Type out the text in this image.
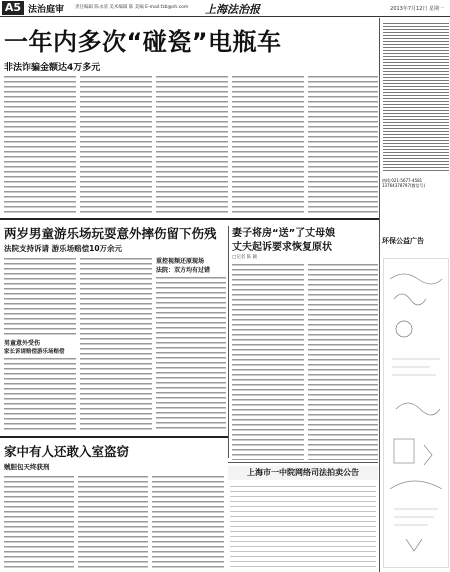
A5 法治庭审 责任编辑 陈永清 美术编辑 陈 美编 E-mail:fzb@sh.com 上海法治报	2013年7月12日 星期一
一年内多次“碰瓷”电瓶车
非法诈骗金额达4万多元
热线:021-5677-4581
13764378797(微信号)
两岁男童游乐场玩耍意外摔伤留下伤残
法院支持诉请 游乐场赔偿10万余元
男童意外受伤
家长诉请赔偿游乐场赔偿
重控视频还原现场
法院：双方均有过错
妻子将房“送”了丈母娘
丈夫起诉要求恢复原状
□记者 陈 颖
环保公益广告
家中有人还敢入室盗窃
贼胆包天终获刑
上海市一中院网络司法拍卖公告
